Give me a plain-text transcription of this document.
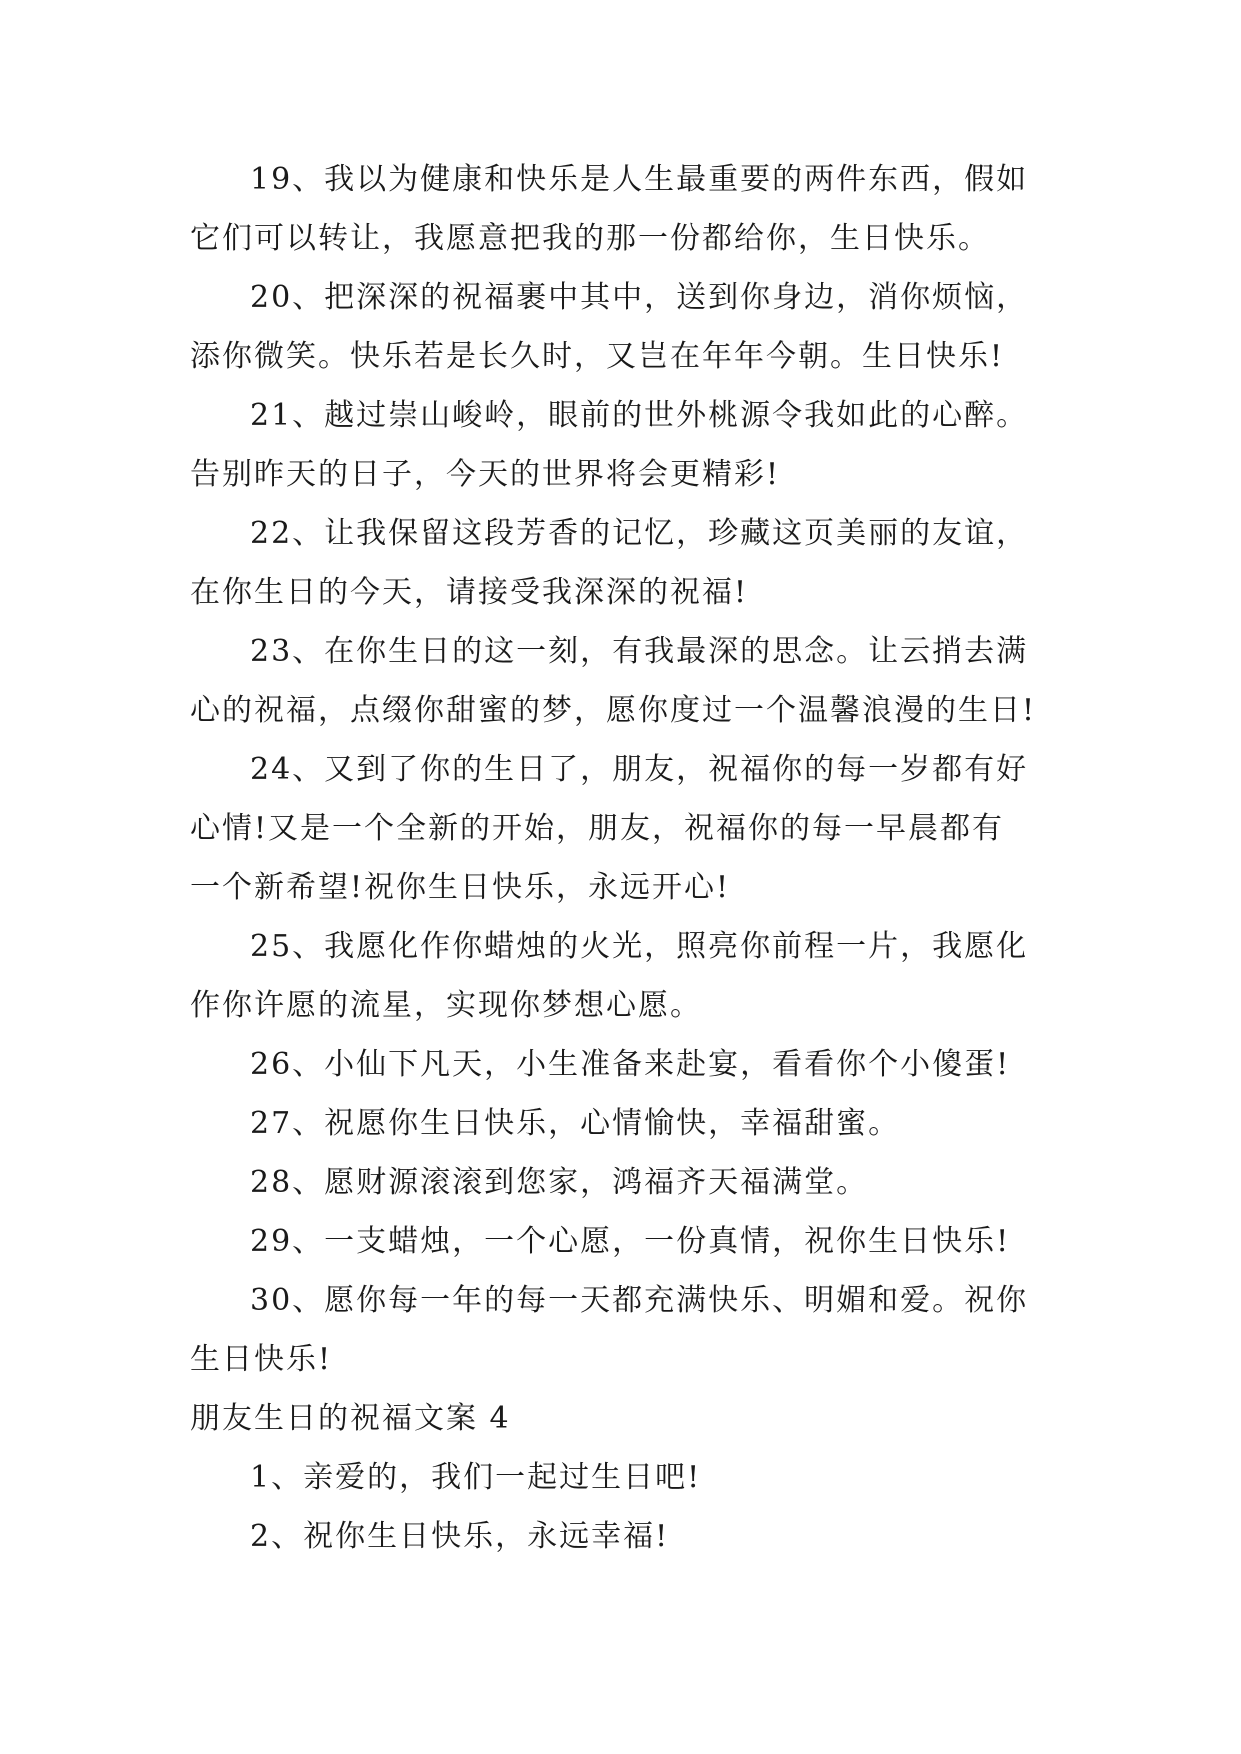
19、我以为健康和快乐是人生最重要的两件东西，假如
它们可以转让，我愿意把我的那一份都给你，生日快乐。
20、把深深的祝福裹中其中，送到你身边，消你烦恼，
添你微笑。快乐若是长久时，又岂在年年今朝。生日快乐!
21、越过崇山峻岭，眼前的世外桃源令我如此的心醉。
告别昨天的日子，今天的世界将会更精彩!
22、让我保留这段芳香的记忆，珍藏这页美丽的友谊，
在你生日的今天，请接受我深深的祝福!
23、在你生日的这一刻，有我最深的思念。让云捎去满
心的祝福，点缀你甜蜜的梦，愿你度过一个温馨浪漫的生日!
24、又到了你的生日了，朋友，祝福你的每一岁都有好
心情!又是一个全新的开始，朋友，祝福你的每一早晨都有
一个新希望!祝你生日快乐，永远开心!
25、我愿化作你蜡烛的火光，照亮你前程一片，我愿化
作你许愿的流星，实现你梦想心愿。
26、小仙下凡天，小生准备来赴宴，看看你个小傻蛋!
27、祝愿你生日快乐，心情愉快，幸福甜蜜。
28、愿财源滚滚到您家，鸿福齐天福满堂。
29、一支蜡烛，一个心愿，一份真情，祝你生日快乐!
30、愿你每一年的每一天都充满快乐、明媚和爱。祝你
生日快乐!
朋友生日的祝福文案 4
1、亲爱的，我们一起过生日吧!
2、祝你生日快乐，永远幸福!
